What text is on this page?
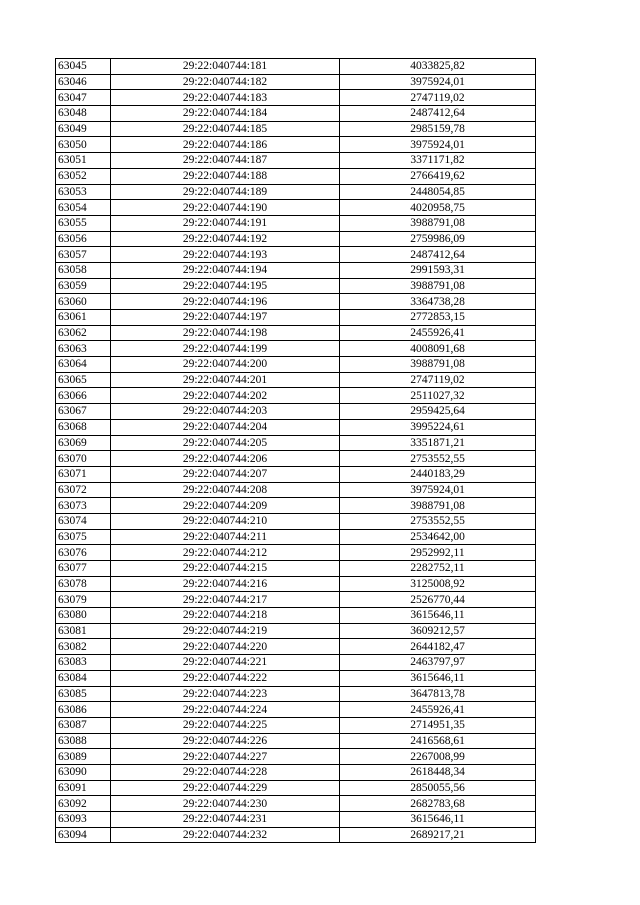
63045	29:22:040744:181	4033825,82
63046	29:22:040744:182	3975924,01
63047	29:22:040744:183	2747119,02
63048	29:22:040744:184	2487412,64
63049	29:22:040744:185	2985159,78
63050	29:22:040744:186	3975924,01
63051	29:22:040744:187	3371171,82
63052	29:22:040744:188	2766419,62
63053	29:22:040744:189	2448054,85
63054	29:22:040744:190	4020958,75
63055	29:22:040744:191	3988791,08
63056	29:22:040744:192	2759986,09
63057	29:22:040744:193	2487412,64
63058	29:22:040744:194	2991593,31
63059	29:22:040744:195	3988791,08
63060	29:22:040744:196	3364738,28
63061	29:22:040744:197	2772853,15
63062	29:22:040744:198	2455926,41
63063	29:22:040744:199	4008091,68
63064	29:22:040744:200	3988791,08
63065	29:22:040744:201	2747119,02
63066	29:22:040744:202	2511027,32
63067	29:22:040744:203	2959425,64
63068	29:22:040744:204	3995224,61
63069	29:22:040744:205	3351871,21
63070	29:22:040744:206	2753552,55
63071	29:22:040744:207	2440183,29
63072	29:22:040744:208	3975924,01
63073	29:22:040744:209	3988791,08
63074	29:22:040744:210	2753552,55
63075	29:22:040744:211	2534642,00
63076	29:22:040744:212	2952992,11
63077	29:22:040744:215	2282752,11
63078	29:22:040744:216	3125008,92
63079	29:22:040744:217	2526770,44
63080	29:22:040744:218	3615646,11
63081	29:22:040744:219	3609212,57
63082	29:22:040744:220	2644182,47
63083	29:22:040744:221	2463797,97
63084	29:22:040744:222	3615646,11
63085	29:22:040744:223	3647813,78
63086	29:22:040744:224	2455926,41
63087	29:22:040744:225	2714951,35
63088	29:22:040744:226	2416568,61
63089	29:22:040744:227	2267008,99
63090	29:22:040744:228	2618448,34
63091	29:22:040744:229	2850055,56
63092	29:22:040744:230	2682783,68
63093	29:22:040744:231	3615646,11
63094	29:22:040744:232	2689217,21
